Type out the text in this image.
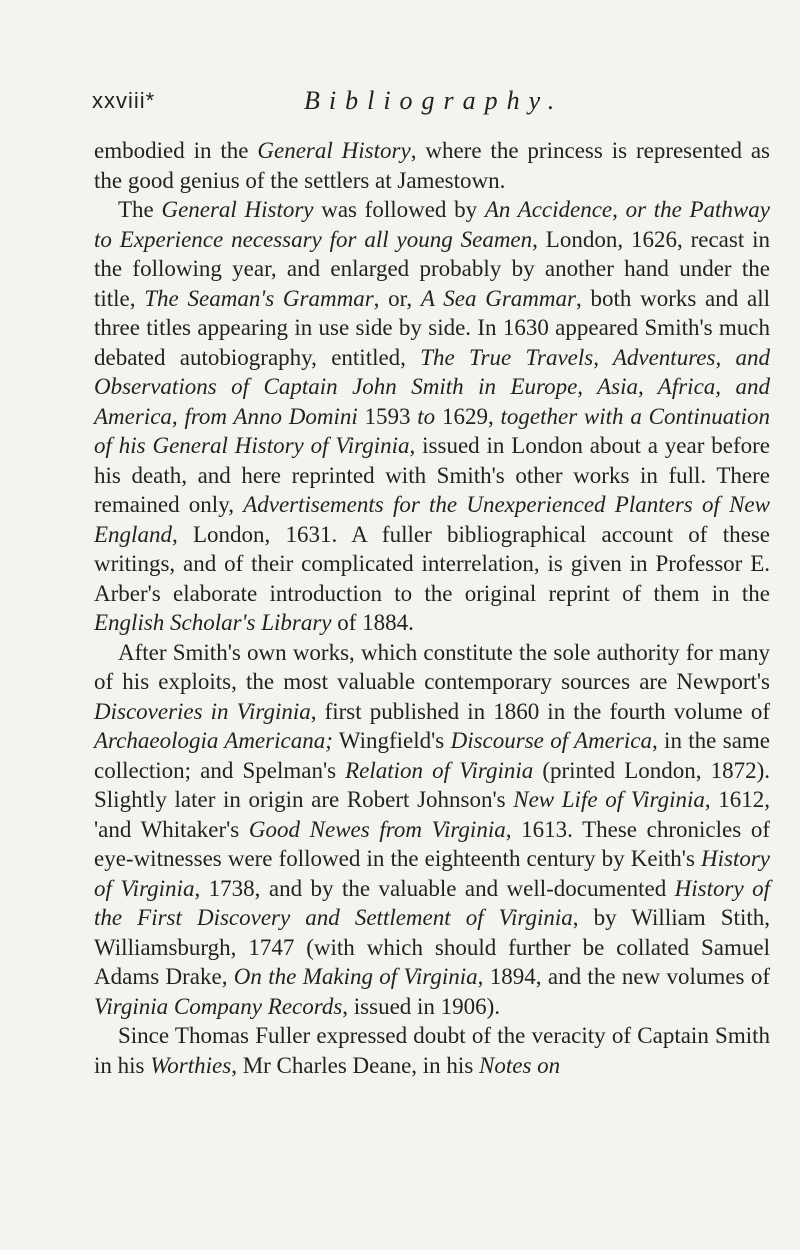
xxviii*	Bibliography.

embodied in the General History, where the princess is represented as the good genius of the settlers at Jamestown.

The General History was followed by An Accidence, or the Pathway to Experience necessary for all young Seamen, London, 1626, recast in the following year, and enlarged probably by another hand under the title, The Seaman's Grammar, or, A Sea Grammar, both works and all three titles appearing in use side by side. In 1630 appeared Smith's much debated autobiography, entitled, The True Travels, Adventures, and Observations of Captain John Smith in Europe, Asia, Africa, and America, from Anno Domini 1593 to 1629, together with a Continuation of his General History of Virginia, issued in London about a year before his death, and here reprinted with Smith's other works in full. There remained only, Advertisements for the Unexperienced Planters of New England, London, 1631. A fuller bibliographical account of these writings, and of their complicated interrelation, is given in Professor E. Arber's elaborate introduction to the original reprint of them in the English Scholar's Library of 1884.

After Smith's own works, which constitute the sole authority for many of his exploits, the most valuable contemporary sources are Newport's Discoveries in Virginia, first published in 1860 in the fourth volume of Archaeologia Americana; Wingfield's Discourse of America, in the same collection; and Spelman's Relation of Virginia (printed London, 1872). Slightly later in origin are Robert Johnson's New Life of Virginia, 1612, 'and Whitaker's Good Newes from Virginia, 1613. These chronicles of eye-witnesses were followed in the eighteenth century by Keith's History of Virginia, 1738, and by the valuable and well-documented History of the First Discovery and Settlement of Virginia, by William Stith, Williamsburgh, 1747 (with which should further be collated Samuel Adams Drake, On the Making of Virginia, 1894, and the new volumes of Virginia Company Records, issued in 1906).

Since Thomas Fuller expressed doubt of the veracity of Captain Smith in his Worthies, Mr Charles Deane, in his Notes on
